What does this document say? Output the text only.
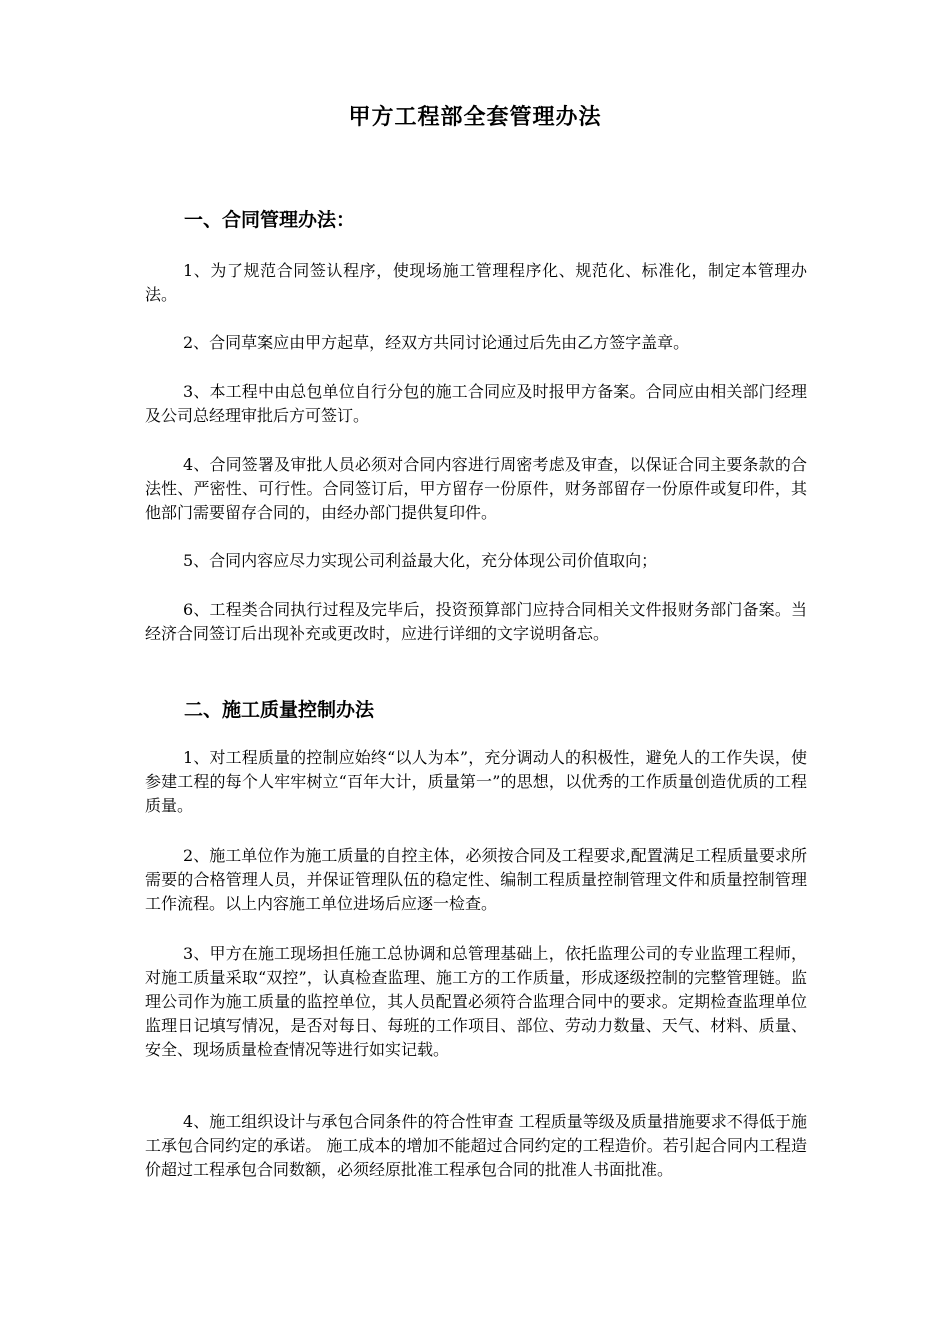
甲方工程部全套管理办法
一、合同管理办法：

1、为了规范合同签认程序，使现场施工管理程序化、规范化、标准化，制定本管理办法。

2、合同草案应由甲方起草，经双方共同讨论通过后先由乙方签字盖章。

3、本工程中由总包单位自行分包的施工合同应及时报甲方备案。合同应由相关部门经理及公司总经理审批后方可签订。

4、合同签署及审批人员必须对合同内容进行周密考虑及审查，以保证合同主要条款的合法性、严密性、可行性。合同签订后，甲方留存一份原件，财务部留存一份原件或复印件，其他部门需要留存合同的，由经办部门提供复印件。

5、合同内容应尽力实现公司利益最大化，充分体现公司价值取向；

6、工程类合同执行过程及完毕后，投资预算部门应持合同相关文件报财务部门备案。当经济合同签订后出现补充或更改时，应进行详细的文字说明备忘。

二、施工质量控制办法

1、对工程质量的控制应始终“以人为本”，充分调动人的积极性，避免人的工作失误，使参建工程的每个人牢牢树立“百年大计，质量第一”的思想，以优秀的工作质量创造优质的工程质量。

2、施工单位作为施工质量的自控主体，必须按合同及工程要求,配置满足工程质量要求所需要的合格管理人员，并保证管理队伍的稳定性、编制工程质量控制管理文件和质量控制管理工作流程。以上内容施工单位进场后应逐一检查。

3、甲方在施工现场担任施工总协调和总管理基础上，依托监理公司的专业监理工程师，对施工质量采取“双控”，认真检查监理、施工方的工作质量，形成逐级控制的完整管理链。监理公司作为施工质量的监控单位，其人员配置必须符合监理合同中的要求。定期检查监理单位监理日记填写情况，是否对每日、每班的工作项目、部位、劳动力数量、天气、材料、质量、安全、现场质量检查情况等进行如实记载。

4、施工组织设计与承包合同条件的符合性审查 工程质量等级及质量措施要求不得低于施工承包合同约定的承诺。 施工成本的增加不能超过合同约定的工程造价。若引起合同内工程造价超过工程承包合同数额，必须经原批准工程承包合同的批准人书面批准。
